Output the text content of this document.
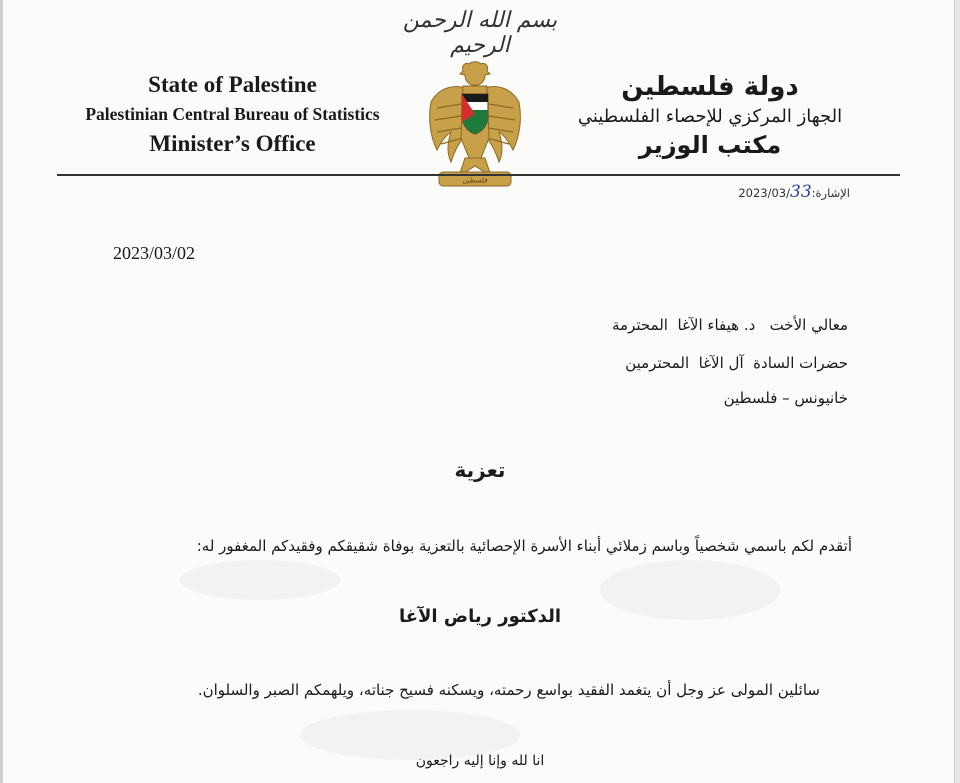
بسم الله الرحمن الرحيم
State of Palestine
Palestinian Central Bureau of Statistics
Minister’s Office
فلسطين
دولة فلسطين
الجهاز المركزي للإحصاء الفلسطيني
مكتب الوزير
الإشارة:2023/03/33
2023/03/02
معالي الأخت   د. هيفاء الآغا  المحترمة
حضرات السادة  آل الآغا  المحترمين
خانيونس – فلسطين
تعزية
أتقدم لكم باسمي شخصياً وباسم زملائي أبناء الأسرة الإحصائية بالتعزية بوفاة شقيقكم وفقيدكم المغفور له:
الدكتور رياض الآغا
سائلين المولى عز وجل أن يتغمد الفقيد بواسع رحمته، ويسكنه فسيح جناته، ويلهمكم الصبر والسلوان.
انا لله وإنا إليه راجعون
